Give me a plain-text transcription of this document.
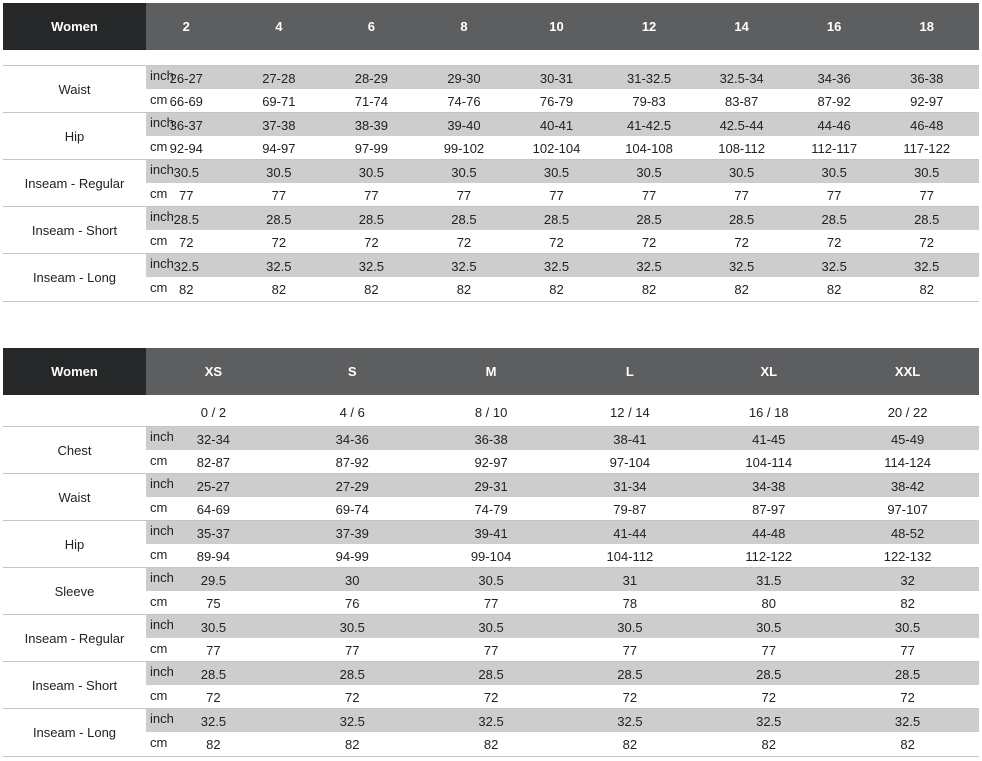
Women	2	4	6	8	10	12	14	16	18
Waist
inch
26-27	27-28	28-29	29-30	30-31	31-32.5	32.5-34	34-36	36-38
cm 66-69	69-71	71-74	74-76	76-79	79-83	83-87	87-92	92-97
Hip
inch
36-37	37-38	38-39	39-40	40-41	41-42.5	42.5-44	44-46	46-48
cm 92-94	94-97	97-99	99-102	102-104	104-108	108-112	112-117	117-122
Inseam - Regular
inch 30.5	30.5	30.5	30.5	30.5	30.5	30.5	30.5	30.5
cm 77	77	77	77	77	77	77	77	77
Inseam - Short
inch 28.5	28.5	28.5	28.5	28.5	28.5	28.5	28.5	28.5
cm 72	72	72	72	72	72	72	72	72
Inseam - Long
inch 32.5	32.5	32.5	32.5	32.5	32.5	32.5	32.5	32.5
cm 82	82	82	82	82	82	82	82	82
Women	XS	S	M	L	XL	XXL
0 / 2	4 / 6	8 / 10	12 / 14	16 / 18	20 / 22
Chest
inch	32-34	34-36	36-38	38-41	41-45	45-49
cm	82-87	87-92	92-97	97-104	104-114	114-124
Waist
inch	25-27	27-29	29-31	31-34	34-38	38-42
cm	64-69	69-74	74-79	79-87	87-97	97-107
Hip
inch	35-37	37-39	39-41	41-44	44-48	48-52
cm	89-94	94-99	99-104	104-112	112-122	122-132
Sleeve
inch	29.5	30	30.5	31	31.5	32
cm	75	76	77	78	80	82
Inseam - Regular
inch	30.5	30.5	30.5	30.5	30.5	30.5
cm	77	77	77	77	77	77
Inseam - Short
inch	28.5	28.5	28.5	28.5	28.5	28.5
cm	72	72	72	72	72	72
Inseam - Long
inch	32.5	32.5	32.5	32.5	32.5	32.5
cm	82	82	82	82	82	82
